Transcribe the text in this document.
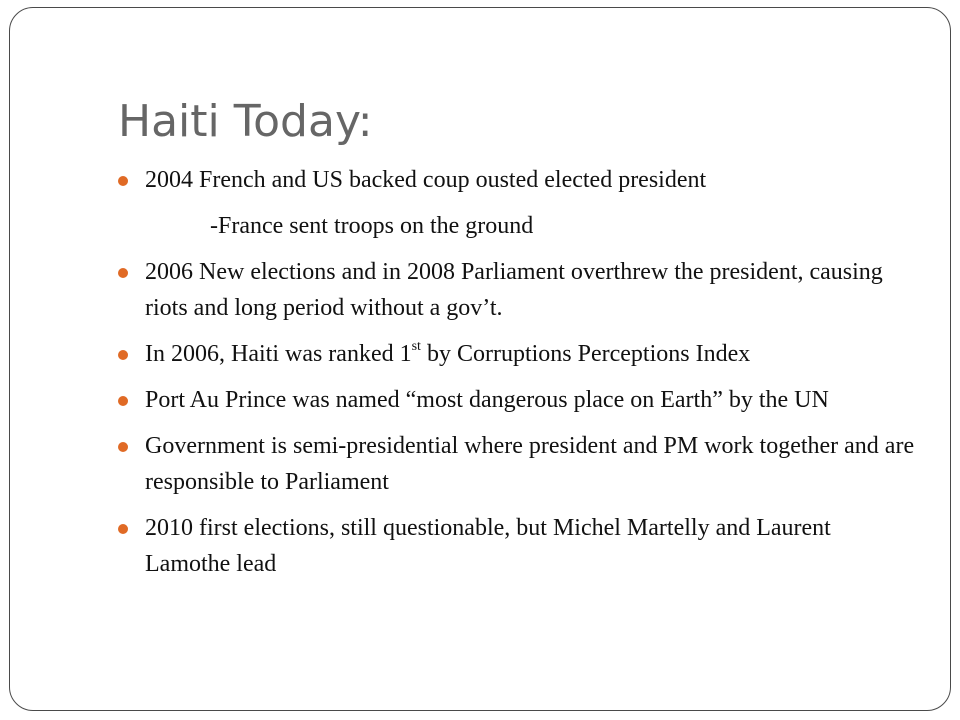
Haiti Today:
2004 French and US backed coup ousted elected president
-France sent troops on the ground
2006 New elections and in 2008 Parliament overthrew the president, causing riots and long period without a gov’t.
In 2006, Haiti was ranked 1st by Corruptions Perceptions Index
Port Au Prince was named “most dangerous place on Earth” by the UN
Government is semi-presidential where president and PM work together and are responsible to Parliament
2010 first elections, still questionable, but Michel Martelly and Laurent Lamothe lead
